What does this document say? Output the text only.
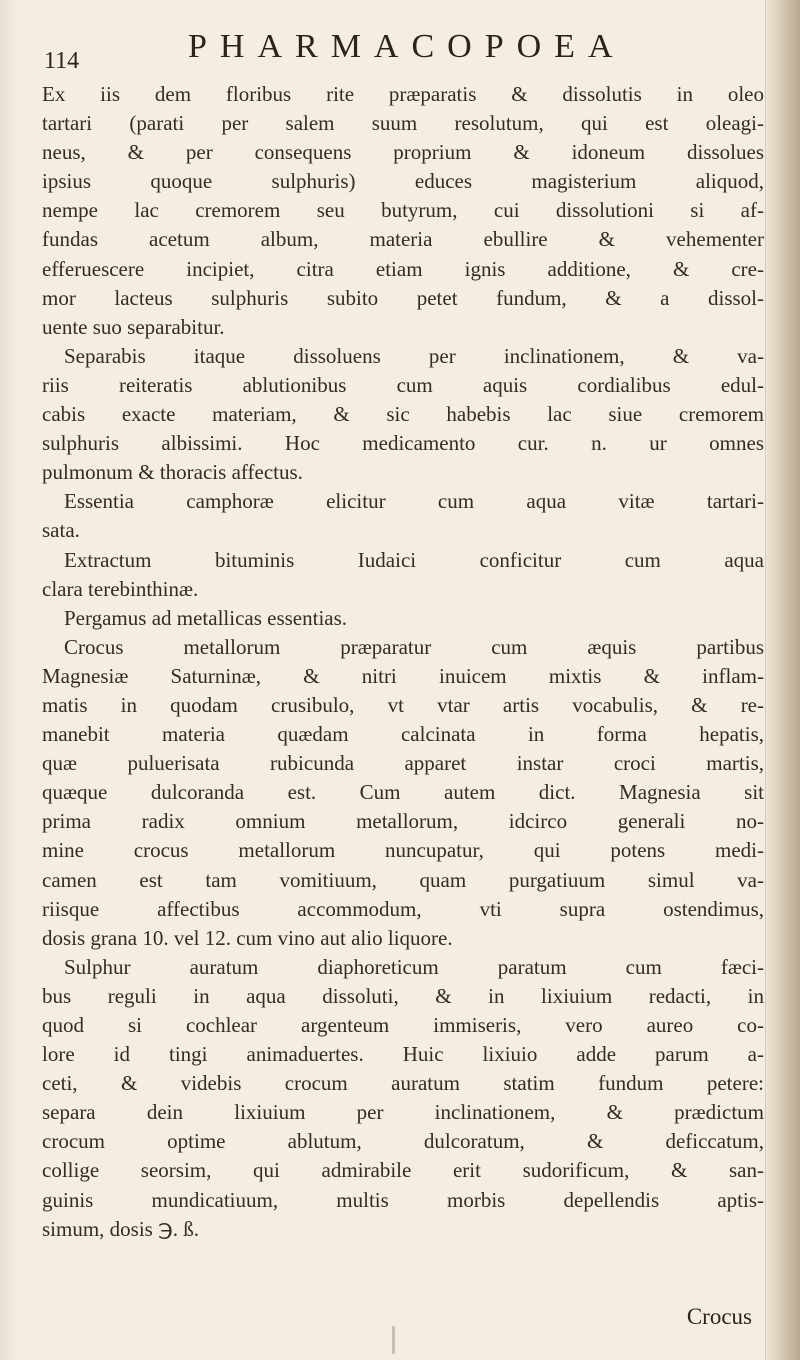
114	PHARMACOPOEA
Ex iis dem floribus rite præparatis & dissolutis in oleo
tartari (parati per salem suum resolutum, qui est oleagi-
neus, & per consequens proprium & idoneum dissolues
ipsius quoque sulphuris) educes magisterium aliquod,
nempe lac cremorem seu butyrum, cui dissolutioni si af-
fundas acetum album, materia ebullire & vehementer
efferuescere incipiet, citra etiam ignis additione, & cre-
mor lacteus sulphuris subito petet fundum, & a dissol-
uente suo separabitur.
Separabis itaque dissoluens per inclinationem, & va-
riis reiteratis ablutionibus cum aquis cordialibus edul-
cabis exacte materiam, & sic habebis lac siue cremorem
sulphuris albissimi. Hoc medicamento cur. n. ur omnes
pulmonum & thoracis affectus.
Essentia camphoræ elicitur cum aqua vitæ tartari-
sata.
Extractum bituminis Iudaici conficitur cum aqua
clara terebinthinæ.
Pergamus ad metallicas essentias.
Crocus metallorum præparatur cum æquis partibus
Magnesiæ Saturninæ, & nitri inuicem mixtis & inflam-
matis in quodam crusibulo, vt vtar artis vocabulis, & re-
manebit materia quædam calcinata in forma hepatis,
quæ puluerisata rubicunda apparet instar croci martis,
quæque dulcoranda est. Cum autem dict. Magnesia sit
prima radix omnium metallorum, idcirco generali no-
mine crocus metallorum nuncupatur, qui potens medi-
camen est tam vomitiuum, quam purgatiuum simul va-
riisque affectibus accommodum, vti supra ostendimus,
dosis grana 10. vel 12. cum vino aut alio liquore.
Sulphur auratum diaphoreticum paratum cum fæci-
bus reguli in aqua dissoluti, & in lixiuium redacti, in
quod si cochlear argenteum immiseris, vero aureo co-
lore id tingi animaduertes. Huic lixiuio adde parum a-
ceti, & videbis crocum auratum statim fundum petere:
separa dein lixiuium per inclinationem, & prædictum
crocum optime ablutum, dulcoratum, & deficcatum,
collige seorsim, qui admirabile erit sudorificum, & san-
guinis mundicatiuum, multis morbis depellendis aptis-
simum, dosis ℈. ß.
Crocus
